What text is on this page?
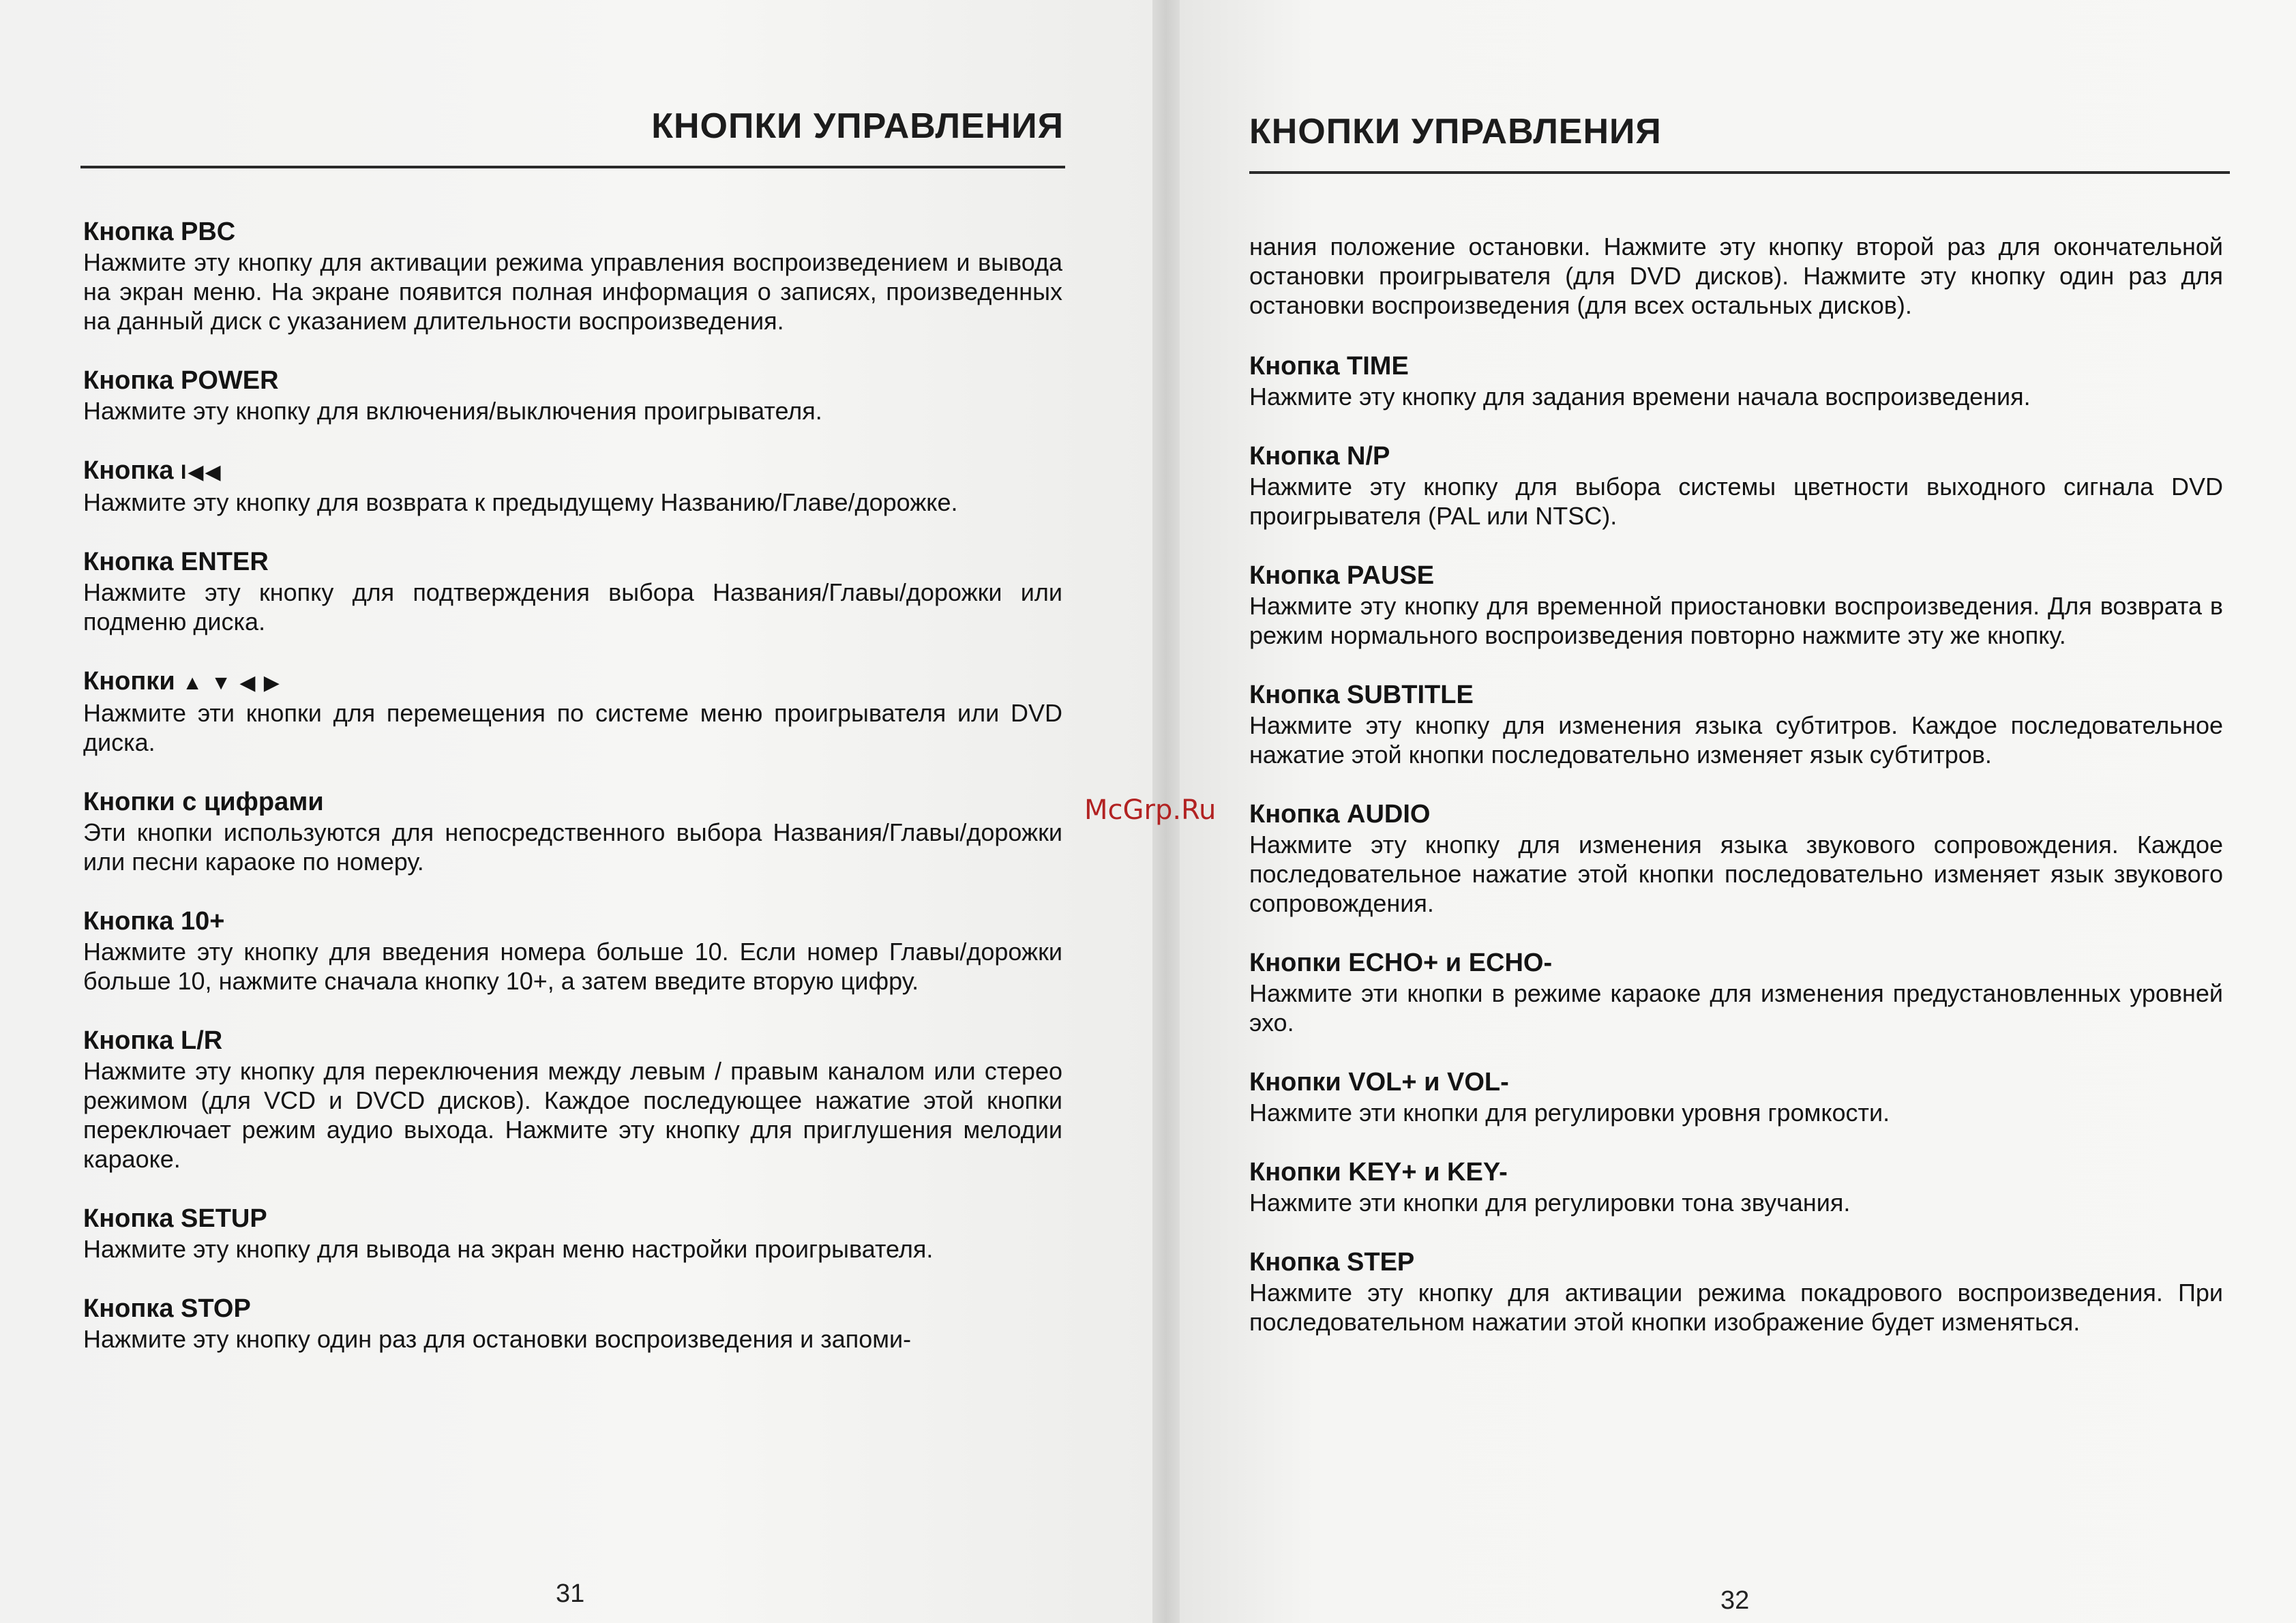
КНОПКИ УПРАВЛЕНИЯ
Кнопка PBC

Нажмите эту кнопку для активации режима управления воспроизведением и вывода на экран меню. На экране появится полная информация о записях, произведенных на данный диск с указанием длительности воспроизведения.

Кнопка POWER

Нажмите эту кнопку для включения/выключения проигрывателя.

Кнопка I◀◀

Нажмите эту кнопку для возврата к предыдущему Названию/Главе/дорожке.

Кнопка ENTER

Нажмите эту кнопку для подтверждения выбора Названия/Главы/дорожки или подменю диска.

Кнопки ▲ ▼ ◀ ▶

Нажмите эти кнопки для перемещения по системе меню проигрывателя или DVD диска.

Кнопки с цифрами

Эти кнопки используются для непосредственного выбора Названия/Главы/дорожки или песни караоке по номеру.

Кнопка 10+

Нажмите эту кнопку для введения номера больше 10. Если номер Главы/дорожки больше 10, нажмите сначала кнопку 10+, а затем введите вторую цифру.

Кнопка L/R

Нажмите эту кнопку для переключения между левым / правым каналом или стерео режимом (для VCD и DVCD дисков). Каждое последующее нажатие этой кнопки переключает режим аудио выхода. Нажмите эту кнопку для приглушения мелодии караоке.

Кнопка SETUP

Нажмите эту кнопку для вывода на экран меню настройки проигрывателя.

Кнопка STOP

Нажмите эту кнопку один раз для остановки воспроизведения и запоми-

31
КНОПКИ УПРАВЛЕНИЯ

нания положение остановки. Нажмите эту кнопку второй раз для окончательной остановки проигрывателя (для DVD дисков). Нажмите эту кнопку один раз для остановки воспроизведения (для всех остальных дисков).

Кнопка TIME

Нажмите эту кнопку для задания времени начала воспроизведения.

Кнопка N/P

Нажмите эту кнопку для выбора системы цветности выходного сигнала DVD проигрывателя (PAL или NTSC).

Кнопка PAUSE

Нажмите эту кнопку для временной приостановки воспроизведения. Для возврата в режим нормального воспроизведения повторно нажмите эту же кнопку.

Кнопка SUBTITLE

Нажмите эту кнопку для изменения языка субтитров. Каждое последовательное нажатие этой кнопки последовательно изменяет язык субтитров.

Кнопка AUDIO

Нажмите эту кнопку для изменения языка звукового сопровождения. Каждое последовательное нажатие этой кнопки последовательно изменяет язык звукового сопровождения.

Кнопки ECHO+ и ECHO-

Нажмите эти кнопки в режиме караоке для изменения предустановленных уровней эхо.

Кнопки VOL+ и VOL-

Нажмите эти кнопки для регулировки уровня громкости.

Кнопки KEY+ и KEY-

Нажмите эти кнопки для регулировки тона звучания.

Кнопка STEP

Нажмите эту кнопку для активации режима покадрового воспроизведения. При последовательном нажатии этой кнопки изображение будет изменяться.

32
McGrp.Ru
